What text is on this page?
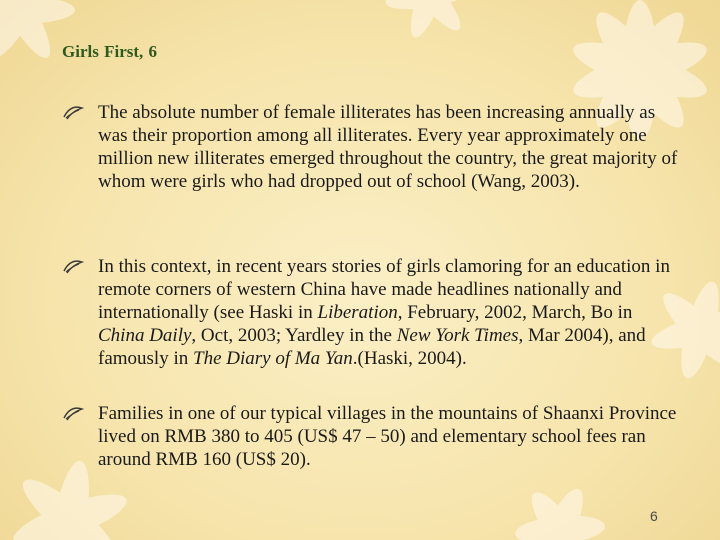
Girls First, 6
The absolute number of female illiterates has been increasing annually as was their proportion among all illiterates. Every year approximately one million new illiterates emerged throughout the country, the great majority of whom were girls who had dropped out of school (Wang, 2003).
In this context, in recent years stories of girls clamoring for an education in remote corners of western China have made headlines nationally and internationally (see Haski in Liberation, February, 2002, March, Bo in China Daily, Oct, 2003; Yardley in the New York Times, Mar 2004), and famously in The Diary of Ma Yan.(Haski, 2004).
Families in one of our typical villages in the mountains of Shaanxi Province lived on RMB 380 to 405 (US$ 47 – 50) and elementary school fees ran around RMB 160 (US$ 20).
6
